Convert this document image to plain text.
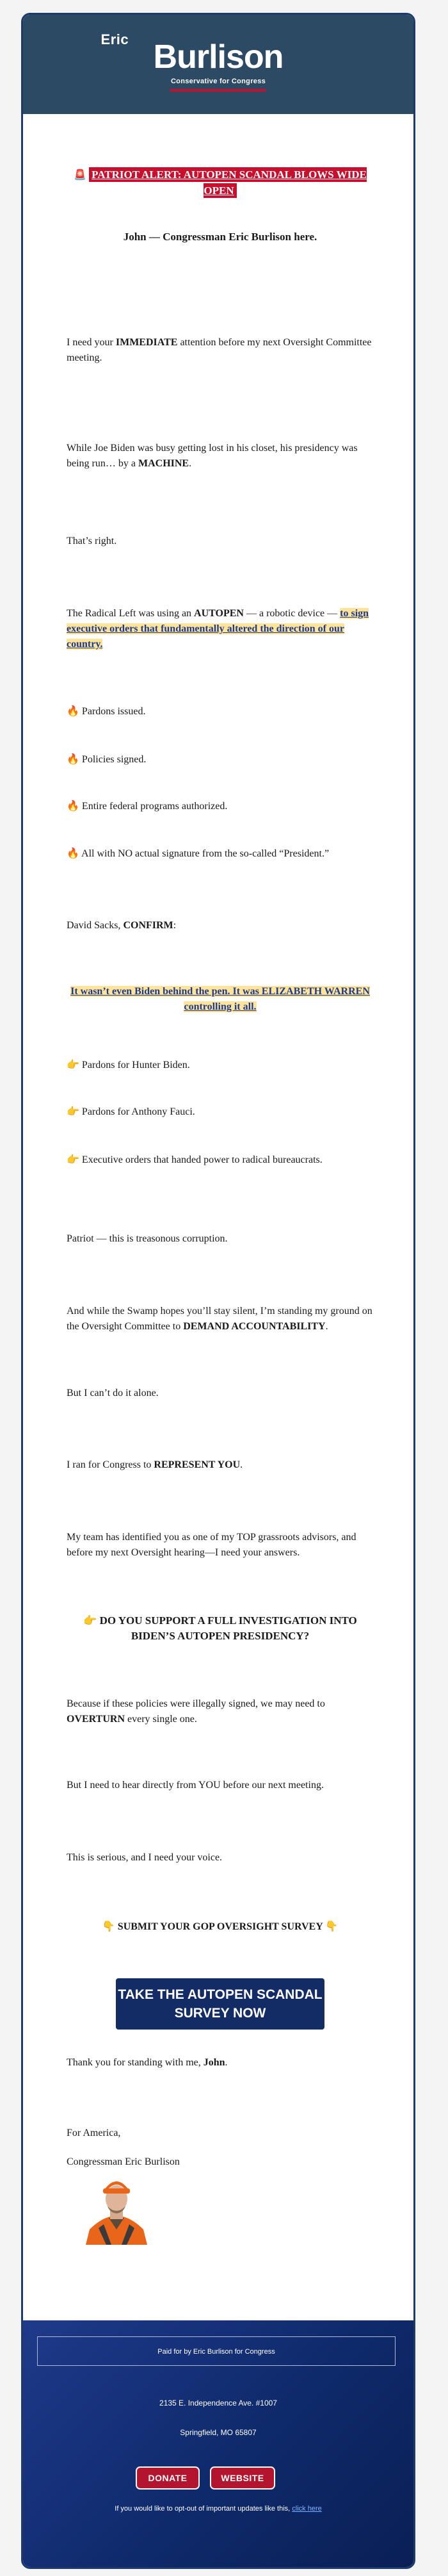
Eric Burlison
Conservative for Congress
🚨 PATRIOT ALERT: AUTOPEN SCANDAL BLOWS WIDE OPEN
John — Congressman Eric Burlison here.
I need your IMMEDIATE attention before my next Oversight Committee meeting.
While Joe Biden was busy getting lost in his closet, his presidency was being run… by a MACHINE.
That’s right.
The Radical Left was using an AUTOPEN — a robotic device — to sign executive orders that fundamentally altered the direction of our country.
🔥 Pardons issued.
🔥 Policies signed.
🔥 Entire federal programs authorized.
🔥 All with NO actual signature from the so-called “President.”
David Sacks, CONFIRM:
It wasn’t even Biden behind the pen. It was ELIZABETH WARREN controlling it all.
👉 Pardons for Hunter Biden.
👉 Pardons for Anthony Fauci.
👉 Executive orders that handed power to radical bureaucrats.
Patriot — this is treasonous corruption.
And while the Swamp hopes you’ll stay silent, I’m standing my ground on the Oversight Committee to DEMAND ACCOUNTABILITY.
But I can’t do it alone.
I ran for Congress to REPRESENT YOU.
My team has identified you as one of my TOP grassroots advisors, and before my next Oversight hearing—I need your answers.
👉 DO YOU SUPPORT A FULL INVESTIGATION INTO BIDEN’S AUTOPEN PRESIDENCY?
Because if these policies were illegally signed, we may need to OVERTURN every single one.
But I need to hear directly from YOU before our next meeting.
This is serious, and I need your voice.
👇 SUBMIT YOUR GOP OVERSIGHT SURVEY 👇
TAKE THE AUTOPEN SCANDAL SURVEY NOW
Thank you for standing with me, John.
For America,
Congressman Eric Burlison
Paid for by Eric Burlison for Congress
2135 E. Independence Ave. #1007
Springfield, MO 65807
DONATE	WEBSITE
If you would like to opt-out of important updates like this, click here
